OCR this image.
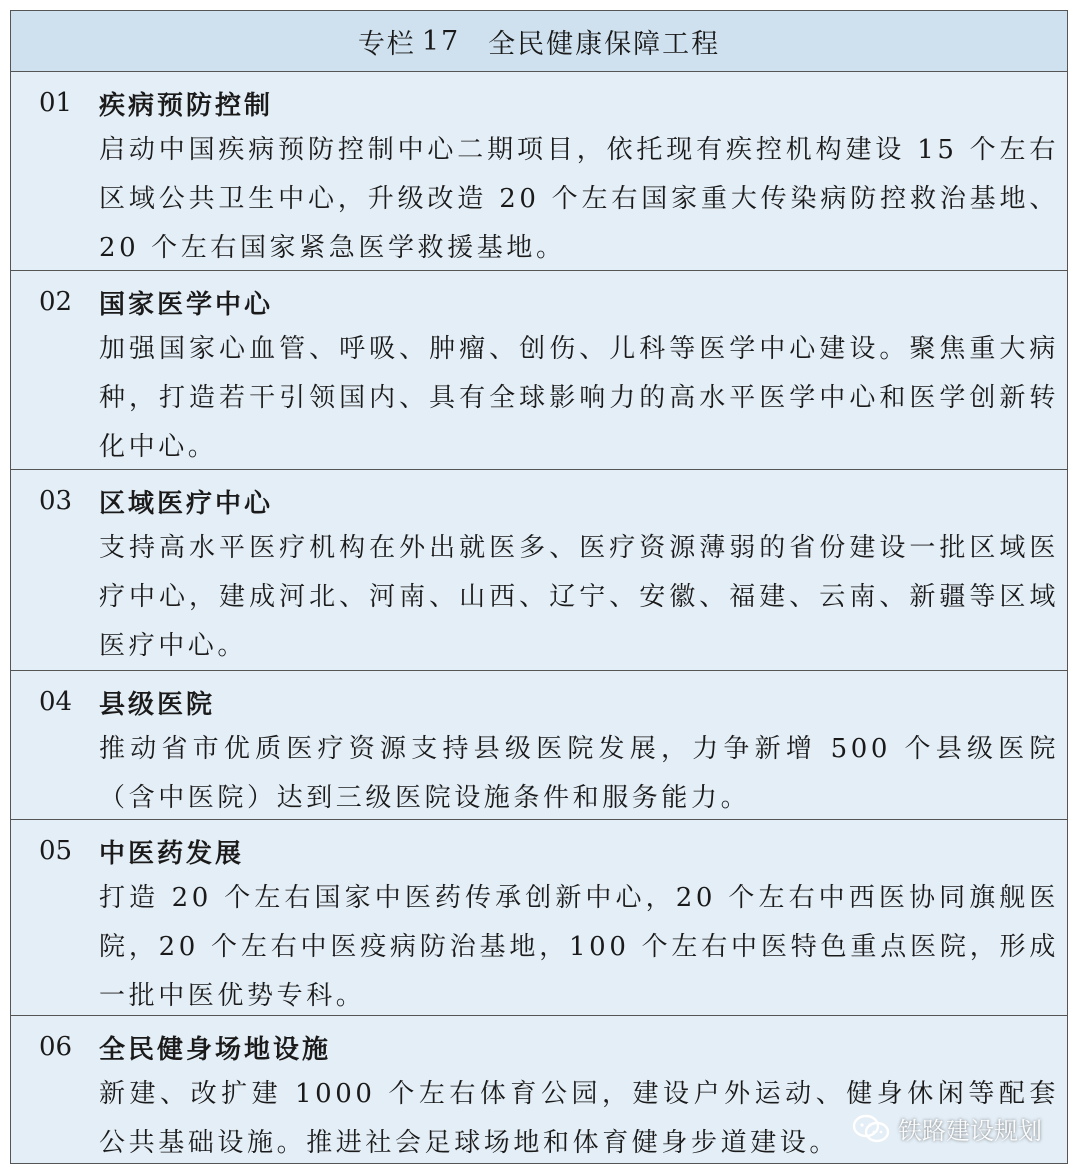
专栏 17 全民健康保障工程
01	疾病预防控制
启动中国疾病预防控制中心二期项目，依托现有疾控机构建设 15 个左右区域公共卫生中心，升级改造 20 个左右国家重大传染病防控救治基地、20 个左右国家紧急医学救援基地。
02	国家医学中心
加强国家心血管、呼吸、肿瘤、创伤、儿科等医学中心建设。聚焦重大病种，打造若干引领国内、具有全球影响力的高水平医学中心和医学创新转化中心。
03	区域医疗中心
支持高水平医疗机构在外出就医多、医疗资源薄弱的省份建设一批区域医疗中心，建成河北、河南、山西、辽宁、安徽、福建、云南、新疆等区域医疗中心。
04	县级医院
推动省市优质医疗资源支持县级医院发展，力争新增 500 个县级医院（含中医院）达到三级医院设施条件和服务能力。
05	中医药发展
打造 20 个左右国家中医药传承创新中心，20 个左右中西医协同旗舰医院，20 个左右中医疫病防治基地，100 个左右中医特色重点医院，形成一批中医优势专科。
06	全民健身场地设施
新建、改扩建 1000 个左右体育公园，建设户外运动、健身休闲等配套公共基础设施。推进社会足球场地和体育健身步道建设。	铁路建设规划
